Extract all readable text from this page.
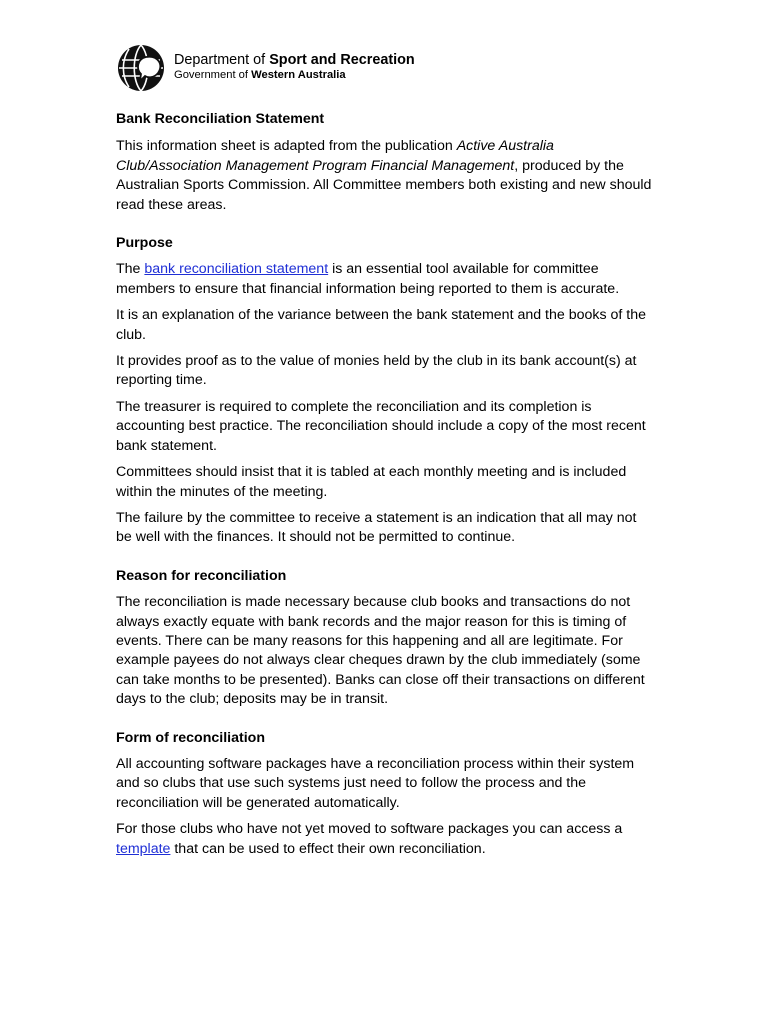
Department of Sport and Recreation
Government of Western Australia
Bank Reconciliation Statement

This information sheet is adapted from the publication Active Australia Club/Association Management Program Financial Management, produced by the Australian Sports Commission. All Committee members both existing and new should read these areas.

Purpose

The bank reconciliation statement is an essential tool available for committee members to ensure that financial information being reported to them is accurate.

It is an explanation of the variance between the bank statement and the books of the club.

It provides proof as to the value of monies held by the club in its bank account(s) at reporting time.

The treasurer is required to complete the reconciliation and its completion is accounting best practice. The reconciliation should include a copy of the most recent bank statement.

Committees should insist that it is tabled at each monthly meeting and is included within the minutes of the meeting.

The failure by the committee to receive a statement is an indication that all may not be well with the finances. It should not be permitted to continue.

Reason for reconciliation

The reconciliation is made necessary because club books and transactions do not always exactly equate with bank records and the major reason for this is timing of events. There can be many reasons for this happening and all are legitimate. For example payees do not always clear cheques drawn by the club immediately (some can take months to be presented). Banks can close off their transactions on different days to the club; deposits may be in transit.

Form of reconciliation

All accounting software packages have a reconciliation process within their system and so clubs that use such systems just need to follow the process and the reconciliation will be generated automatically.

For those clubs who have not yet moved to software packages you can access a template that can be used to effect their own reconciliation.
